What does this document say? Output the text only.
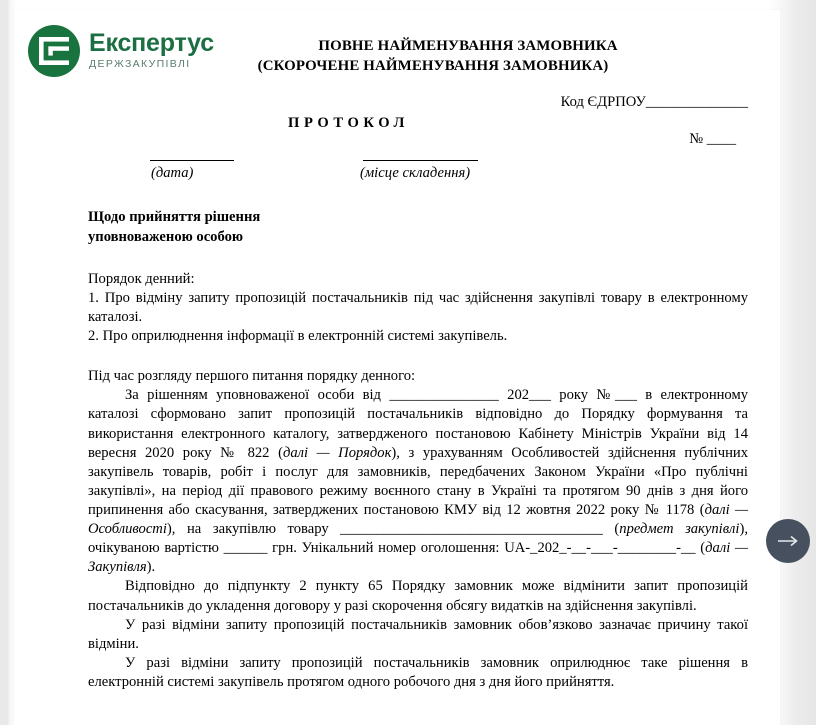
Експертус
ДЕРЖЗАКУПІВЛІ
ПОВНЕ НАЙМЕНУВАННЯ ЗАМОВНИКА
(СКОРОЧЕНЕ НАЙМЕНУВАННЯ ЗАМОВНИКА)
Код ЄДРПОУ______________
ПРОТОКОЛ
№ ____
(дата)	(місце складення)
Щодо прийняття рішення
уповноваженою особою

Порядок денний:

1. Про відміну запиту пропозицій постачальників під час здійснення закупівлі товару в електронному каталозі.

2. Про оприлюднення інформації в електронній системі закупівель.

Під час розгляду першого питання порядку денного:

За рішенням уповноваженої особи від _______________ 202___ року №___ в електронному каталозі сформовано запит пропозицій постачальників відповідно до Порядку формування та використання електронного каталогу, затвердженого постановою Кабінету Міністрів України від 14 вересня 2020 року № 822 (далі — Порядок), з урахуванням Особливостей здійснення публічних закупівель товарів, робіт і послуг для замовників, передбачених Законом України «Про публічні закупівлі», на період дії правового режиму воєнного стану в Україні та протягом 90 днів з дня його припинення або скасування, затверджених постановою КМУ від 12 жовтня 2022 року № 1178 (далі — Особливості), на закупівлю товару ____________________________________ (предмет закупівлі), очікуваною вартістю ______ грн. Унікальний номер оголошення: UA-_202_-__-___-________-__ (далі — Закупівля).

Відповідно до підпункту 2 пункту 65 Порядку замовник може відмінити запит пропозицій постачальників до укладення договору у разі скорочення обсягу видатків на здійснення закупівлі.

У разі відміни запиту пропозицій постачальників замовник обов’язково зазначає причину такої відміни.

У разі відміни запиту пропозицій постачальників замовник оприлюднює таке рішення в електронній системі закупівель протягом одного робочого дня з дня його прийняття.
